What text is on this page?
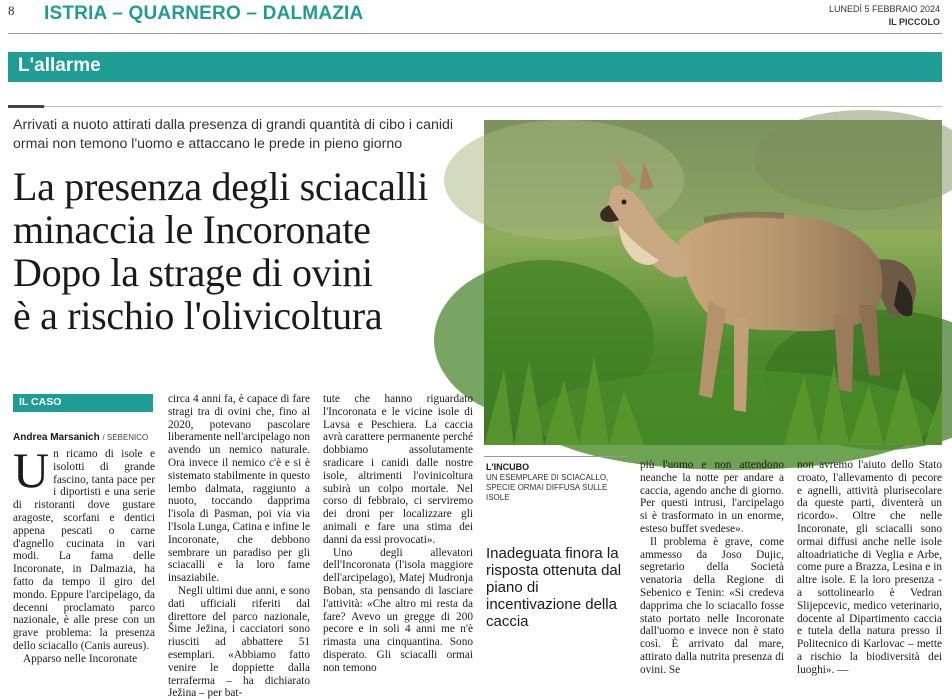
8 ISTRIA – QUARNERO – DALMAZIA	LUNEDÌ 5 FEBBRAIO 2024
IL PICCOLO
L'allarme
Arrivati a nuoto attirati dalla presenza di grandi quantità di cibo i canidi ormai non temono l'uomo e attaccano le prede in pieno giorno
La presenza degli sciacalli
minaccia le Incoronate
Dopo la strage di ovini
è a rischio l'olivicoltura
L'INCUBO
UN ESEMPLARE DI SCIACALLO, SPECIE ORMAI DIFFUSA SULLE ISOLE
Inadeguata finora la risposta ottenuta dal piano di incentivazione della caccia
IL CASO
Andrea Marsanich / SEBENICO

Un ricamo di isole e isolotti di grande fascino, tanta pace per i diportisti e una serie di ristoranti dove gustare aragoste, scorfani e dentici appena pescati o carne d'agnello cucinata in vari modi. La fama delle Incoronate, in Dalmazia, ha fatto da tempo il giro del mondo. Eppure l'arcipelago, da decenni proclamato parco nazionale, è alle prese con un grave problema: la presenza dello sciacallo (Canis aureus).

Apparso nelle Incoronate

circa 4 anni fa, è capace di fare stragi tra di ovini che, fino al 2020, potevano pascolare liberamente nell'arcipelago non avendo un nemico naturale. Ora invece il nemico c'è e si è sistemato stabilmente in questo lembo dalmata, raggiunto a nuoto, toccando dapprima l'isola di Pasman, poi via via l'Isola Lunga, Catina e infine le Incoronate, che debbono sembrare un paradiso per gli sciacalli e la loro fame insaziabile.

Negli ultimi due anni, e sono dati ufficiali riferiti dal direttore del parco nazionale, Šime Ježina, i cacciatori sono riusciti ad abbattere 51 esemplari. «Abbiamo fatto venire le doppiette dalla terraferma – ha dichiarato Ježina – per bat-

tute che hanno riguardato l'Incoronata e le vicine isole di Lavsa e Peschiera. La caccia avrà carattere permanente perché dobbiamo assolutamente sradicare i canidi dalle nostre isole, altrimenti l'ovinicoltura subirà un colpo mortale. Nel corso di febbraio, ci serviremo dei droni per localizzare gli animali e fare una stima dei danni da essi provocati».

Uno degli allevatori dell'Incoronata (l'isola maggiore dell'arcipelago), Matej Mudronja Boban, sta pensando di lasciare l'attività: «Che altro mi resta da fare? Avevo un gregge di 200 pecore e in soli 4 anni me n'è rimasta una cinquantina. Sono disperato. Gli sciacalli ormai non temono

più l'uomo e non attendono neanche la notte per andare a caccia, agendo anche di giorno. Per questi intrusi, l'arcipelago si è trasformato in un enorme, esteso buffet svedese».

Il problema è grave, come ammesso da Joso Dujic, segretario della Società venatoria della Regione di Sebenico e Tenin: «Si credeva dapprima che lo sciacallo fosse stato portato nelle Incoronate dall'uomo e invece non è stato così. È arrivato dal mare, attirato dalla nutrita presenza di ovini. Se

non avremo l'aiuto dello Stato croato, l'allevamento di pecore e agnelli, attività plurisecolare da queste parti, diventerà un ricordo». Oltre che nelle Incoronate, gli sciacalli sono ormai diffusi anche nelle isole altoadriatiche di Veglia e Arbe, come pure a Brazza, Lesina e in altre isole. E la loro presenza - a sottolinearlo è Vedran Slijepcevic, medico veterinario, docente al Dipartimento caccia e tutela della natura presso il Politecnico di Karlovac – mette a rischio la biodiversità dei luoghi». —
